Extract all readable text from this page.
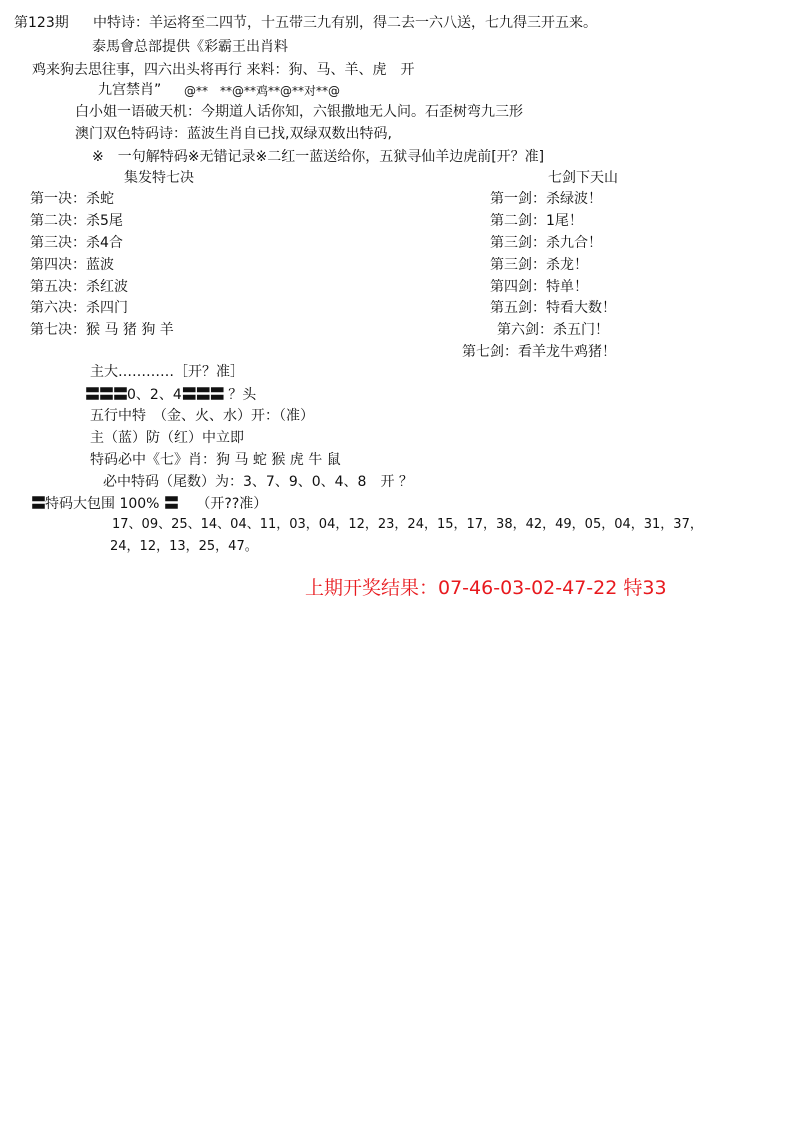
第123期 中特诗：羊运将至二四节，十五带三九有别，得二去一六八送，七九得三开五来。
泰馬會总部提供《彩霸王出肖料
鸡来狗去思往事，四六出头将再行 来料：狗、马、羊、虎　开
九宫禁肖” @**　**@**鸡**@**对**@
白小姐一语破天机：今期道人话你知，六银撒地无人问。石歪树弯九三形
澳门双色特码诗：蓝波生肖自已找,双绿双数出特码,
※　一句解特码※无错记录※二红一蓝送给你，五狱寻仙羊边虎前[开？准]
集发特七决	七剑下天山
第一决：杀蛇
第二决：杀5尾
第三决：杀4合
第四决：蓝波
第五决：杀红波
第六决：杀四门
第七决：猴 马 猪 狗 羊
第一剑：杀绿波！
第二剑：1尾！
第三剑：杀九合！
第三剑：杀龙！
第四剑：特单！
第五剑：特看大数！
第六剑：杀五门！
第七剑：看羊龙牛鸡猪！
主大…………［开？准］
〓〓〓0、2、4〓〓〓 ？头
五行中特　（金、火、水）开：（准）
主（蓝）防（红）中立即
特码必中《七》肖：狗 马 蛇 猴 虎 牛 鼠
必中特码（尾数）为：3、7、9、0、4、8　开 ？
〓特码大包围 100% 〓 （开??准）
17、09、25、14、04、11，03，04，12，23，24，15，17，38，42，49，05，04，31，37，
24，12，13，25，47。
上期开奖结果：07-46-03-02-47-22 特33
